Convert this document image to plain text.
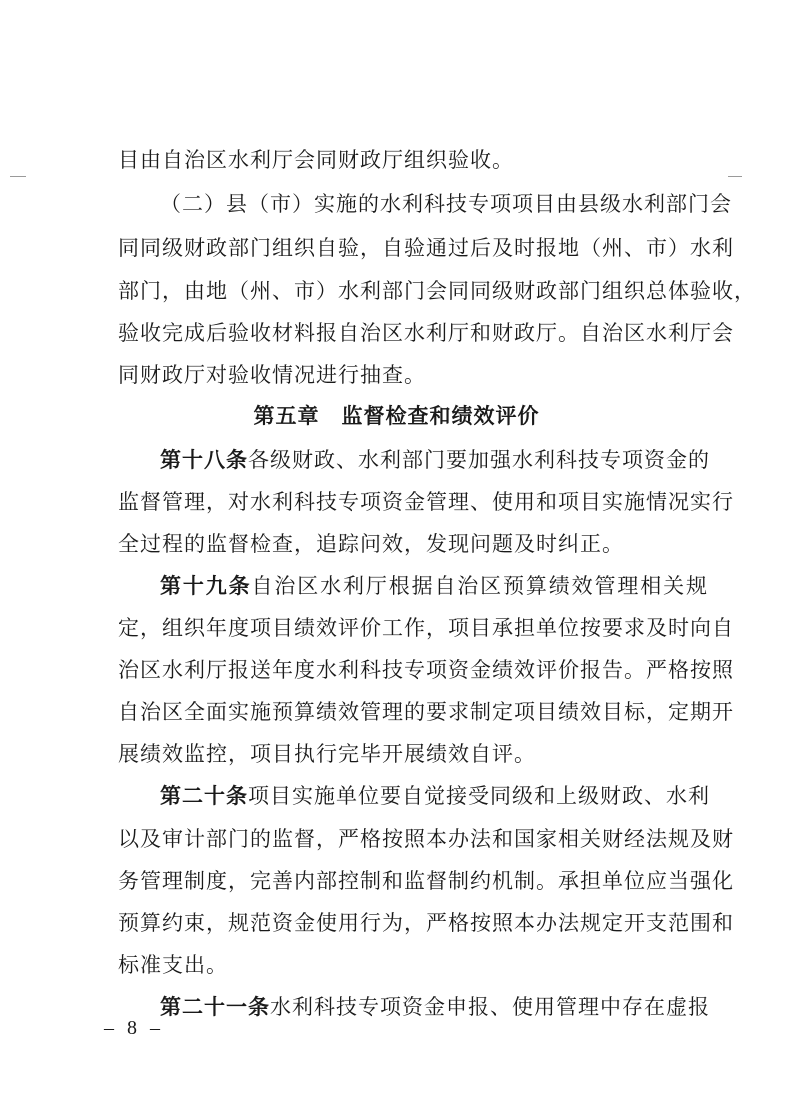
目由自治区水利厅会同财政厅组织验收。
（二）县（市）实施的水利科技专项项目由县级水利部门会
同同级财政部门组织自验，自验通过后及时报地（州、市）水利
部门，由地（州、市）水利部门会同同级财政部门组织总体验收，
验收完成后验收材料报自治区水利厅和财政厅。自治区水利厅会
同财政厅对验收情况进行抽查。
第五章　监督检查和绩效评价
第十八条各级财政、水利部门要加强水利科技专项资金的
监督管理，对水利科技专项资金管理、使用和项目实施情况实行
全过程的监督检查，追踪问效，发现问题及时纠正。
第十九条自治区水利厅根据自治区预算绩效管理相关规
定，组织年度项目绩效评价工作，项目承担单位按要求及时向自
治区水利厅报送年度水利科技专项资金绩效评价报告。严格按照
自治区全面实施预算绩效管理的要求制定项目绩效目标，定期开
展绩效监控，项目执行完毕开展绩效自评。
第二十条项目实施单位要自觉接受同级和上级财政、水利
以及审计部门的监督，严格按照本办法和国家相关财经法规及财
务管理制度，完善内部控制和监督制约机制。承担单位应当强化
预算约束，规范资金使用行为，严格按照本办法规定开支范围和
标准支出。
第二十一条水利科技专项资金申报、使用管理中存在虚报
– 8 –
